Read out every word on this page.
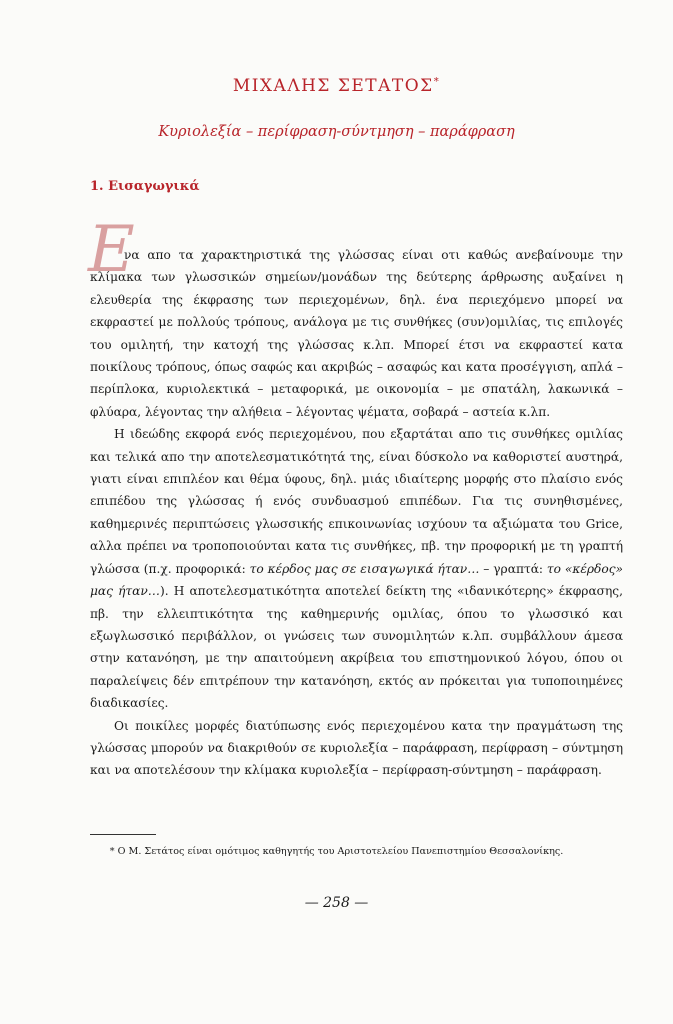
ΜΙΧΑΛΗΣ ΣΕΤΑΤΟΣ*
Κυριολεξία – περίφραση-σύντμηση – παράφραση
1. Εισαγωγικά
Ε

να απο τα χαρακτηριστικά της γλώσσας είναι οτι καθώς ανεβαίνουμε την κλίμακα των γλωσσικών σημείων/μονάδων της δεύτερης άρθρωσης αυξαίνει η ελευθερία της έκφρασης των περιεχομένων, δηλ. ένα περιεχόμενο μπορεί να εκφραστεί με πολλούς τρόπους, ανάλογα με τις συνθήκες (συν)ομιλίας, τις επιλογές του ομιλητή, την κατοχή της γλώσσας κ.λπ. Μπορεί έτσι να εκφραστεί κατα ποικίλους τρόπους, όπως σαφώς και ακριβώς – ασαφώς και κατα προσέγγιση, απλά – περίπλοκα, κυριολεκτικά – μεταφορικά, με οικονομία – με σπατάλη, λακωνικά – φλύαρα, λέγοντας την αλήθεια – λέγοντας ψέματα, σοβαρά – αστεία κ.λπ.

Η ιδεώδης εκφορά ενός περιεχομένου, που εξαρτάται απο τις συνθήκες ομιλίας και τελικά απο την αποτελεσματικότητά της, είναι δύσκολο να καθοριστεί αυστηρά, γιατι είναι επιπλέον και θέμα ύφους, δηλ. μιάς ιδιαίτερης μορφής στο πλαίσιο ενός επιπέδου της γλώσσας ή ενός συνδυασμού επιπέδων. Για τις συνηθισμένες, καθημερινές περιπτώσεις γλωσσικής επικοινωνίας ισχύουν τα αξιώματα του Grice, αλλα πρέπει να τροποποιούνται κατα τις συνθήκες, πβ. την προφορική με τη γραπτή γλώσσα (π.χ. προφορικά: το κέρδος μας σε εισαγωγικά ήταν… – γραπτά: το «κέρδος» μας ήταν…). Η αποτελεσματικότητα αποτελεί δείκτη της «ιδανικότερης» έκφρασης, πβ. την ελλειπτικότητα της καθημερινής ομιλίας, όπου το γλωσσικό και εξωγλωσσικό περιβάλλον, οι γνώσεις των συνομιλητών κ.λπ. συμβάλλουν άμεσα στην κατανόηση, με την απαιτούμενη ακρίβεια του επιστημονικού λόγου, όπου οι παραλείψεις δέν επιτρέπουν την κατανόηση, εκτός αν πρόκειται για τυποποιημένες διαδικασίες.

Οι ποικίλες μορφές διατύπωσης ενός περιεχομένου κατα την πραγμάτωση της γλώσσας μπορούν να διακριθούν σε κυριολεξία – παράφραση, περίφραση – σύντμηση και να αποτελέσουν την κλίμακα κυριολεξία – περίφραση-σύντμηση – παράφραση.

* Ο Μ. Σετάτος είναι ομότιμος καθηγητής του Αριστοτελείου Πανεπιστημίου Θεσσαλονίκης.
— 258 —
